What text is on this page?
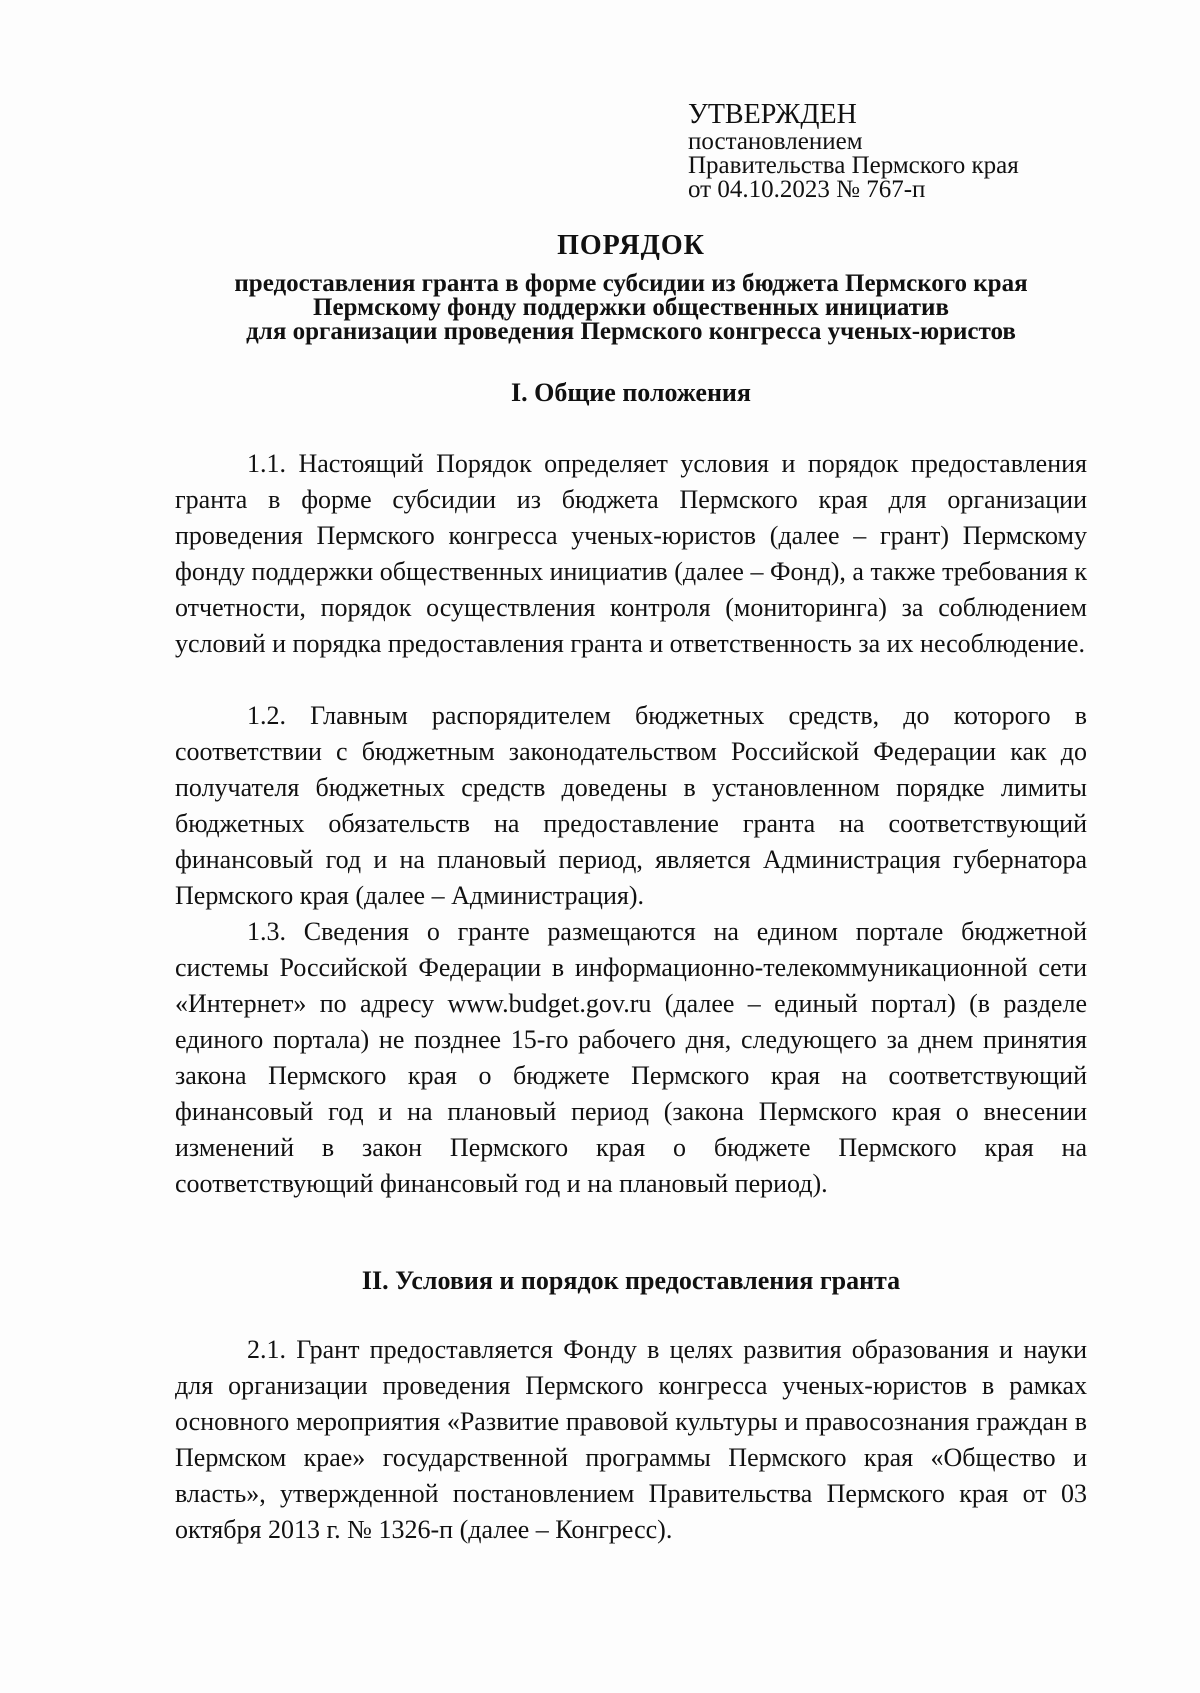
УТВЕРЖДЕН
постановлением
Правительства Пермского края
от 04.10.2023 № 767-п
ПОРЯДОК
предоставления гранта в форме субсидии из бюджета Пермского края
Пермскому фонду поддержки общественных инициатив
для организации проведения Пермского конгресса ученых-юристов
I. Общие положения

1.1. Настоящий Порядок определяет условия и порядок предоставления гранта в форме субсидии из бюджета Пермского края для организации проведения Пермского конгресса ученых-юристов (далее – грант) Пермскому фонду поддержки общественных инициатив (далее – Фонд), а также требования к отчетности, порядок осуществления контроля (мониторинга) за соблюдением условий и порядка предоставления гранта и ответственность за их несоблюдение.

1.2. Главным распорядителем бюджетных средств, до которого в соответствии с бюджетным законодательством Российской Федерации как до получателя бюджетных средств доведены в установленном порядке лимиты бюджетных обязательств на предоставление гранта на соответствующий финансовый год и на плановый период, является Администрация губернатора Пермского края (далее – Администрация).

1.3. Сведения о гранте размещаются на едином портале бюджетной системы Российской Федерации в информационно-телекоммуникационной сети «Интернет» по адресу www.budget.gov.ru (далее – единый портал) (в разделе единого портала) не позднее 15-го рабочего дня, следующего за днем принятия закона Пермского края о бюджете Пермского края на соответствующий финансовый год и на плановый период (закона Пермского края о внесении изменений в закон Пермского края о бюджете Пермского края на соответствующий финансовый год и на плановый период).

II. Условия и порядок предоставления гранта

2.1. Грант предоставляется Фонду в целях развития образования и науки для организации проведения Пермского конгресса ученых-юристов в рамках основного мероприятия «Развитие правовой культуры и правосознания граждан в Пермском крае» государственной программы Пермского края «Общество и власть», утвержденной постановлением Правительства Пермского края от 03 октября 2013 г. № 1326-п (далее – Конгресс).
